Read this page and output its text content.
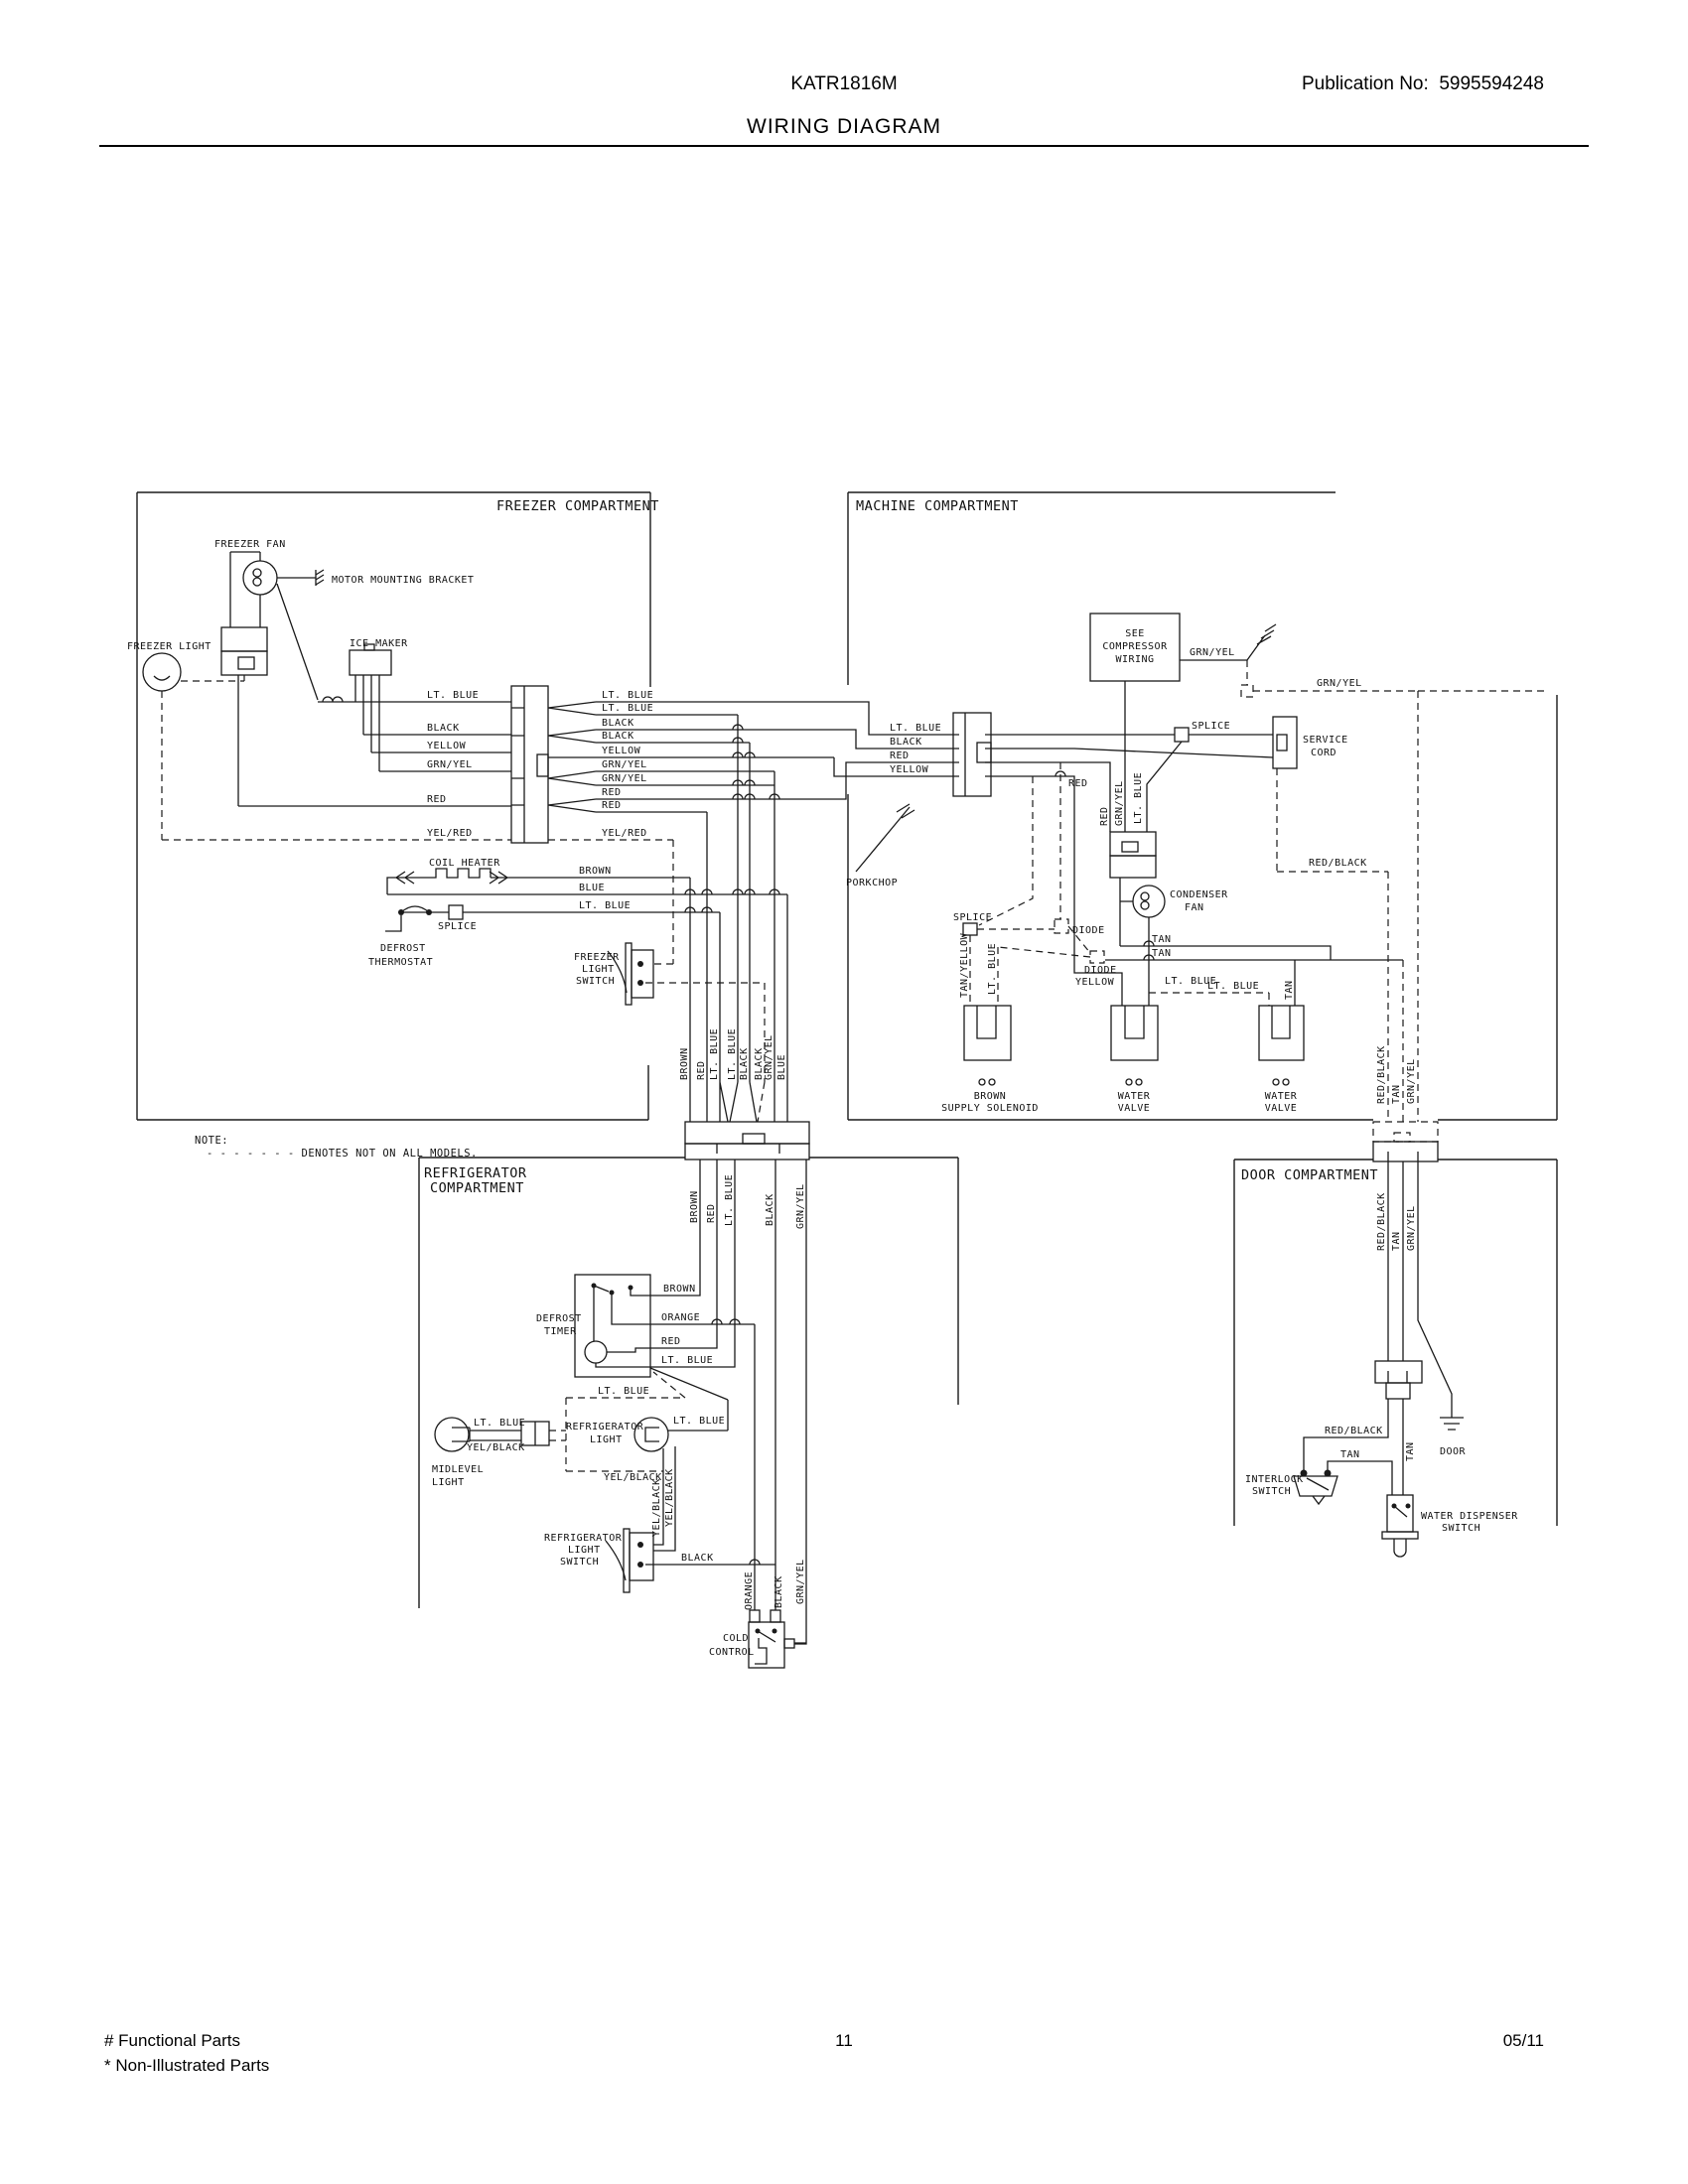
KATR1816M	Publication No:  5995594248
WIRING DIAGRAM
FREEZER COMPARTMENT	MACHINE COMPARTMENT
REFRIGERATOR
COMPARTMENT
DOOR COMPARTMENT
NOTE:
- - - - - - - DENOTES NOT ON ALL MODELS.
FREEZER FAN
MOTOR MOUNTING BRACKET
FREEZER LIGHT	ICE MAKER
LT. BLUE
BLACK
YELLOW
GRN/YEL
RED
YEL/RED
LT. BLUE
LT. BLUE
BLACK
BLACK
YELLOW
GRN/YEL
GRN/YEL
RED
RED
YEL/RED
LT. BLUE
BLACK
RED
YELLOW
PORKCHOP
COIL HEATER
BROWN
BLUE
LT. BLUE
SPLICE
DEFROST
THERMOSTAT	FREEZER
LIGHT
SWITCH
SEE
COMPRESSOR
WIRING
GRN/YEL
GRN/YEL
SPLICE
SERVICE
CORD
RED
RED/BLACK
SPLICE
DIODE
DIODE
CONDENSER
FAN
TAN
TAN
YELLOW	LT. BLUE
LT. BLUE
BROWN
SUPPLY SOLENOID
WATER
VALVE
WATER
VALVE
DEFROST
TIMER
BROWN
ORANGE
RED
LT. BLUE
LT. BLUE
LT. BLUE
YEL/BLACK
MIDLEVEL
LIGHT
REFRIGERATOR
LIGHT
LT. BLUE
YEL/BLACK
REFRIGERATOR
LIGHT
SWITCH	BLACK
COLD
CONTROL
RED/BLACK
TAN
INTERLOCK
SWITCH
DOOR
WATER DISPENSER
SWITCH
BROWN RED LT. BLUE LT. BLUE BLACK BLACK GRN/YEL BLUE
BROWN RED LT. BLUE	BLACK GRN/YEL
RED GRN/YEL LT. BLUE
TAN/YELLOW LT. BLUE	TAN
RED/BLACK TAN GRN/YEL
RED/BLACK TAN GRN/YEL
TAN
ORANGE BLACK GRN/YEL
YEL/BLACK YEL/BLACK
# Functional Parts
* Non-Illustrated Parts
11	05/11
